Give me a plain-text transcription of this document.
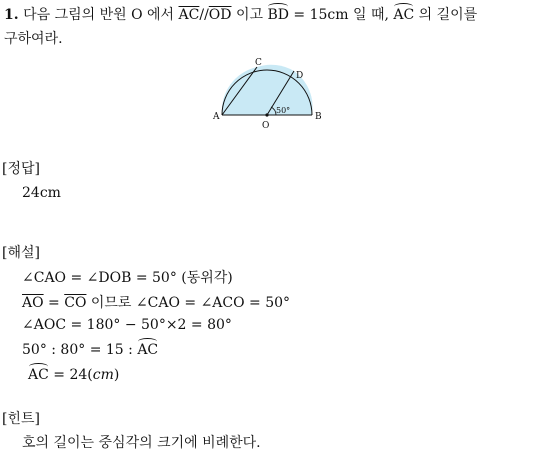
1. 다음 그림의 반원 O 에서 $\overline{AC}//\overline{OD}$ 이고 BD = 15cm 일 때, AC 의 길이를
구하여라.
A	B
C
D
O
50°
[정답]
24cm
[해설]
∠CAO = ∠DOB = 50° (동위각)
$\overline{AO} = \overline{CO}$ 이므로 ∠CAO = ∠ACO = 50°
∠AOC = 180° − 50°×2 = 80°
50° : 80° = 15 : AC
AC = 24(cm)
[힌트]
호의 길이는 중심각의 크기에 비례한다.
